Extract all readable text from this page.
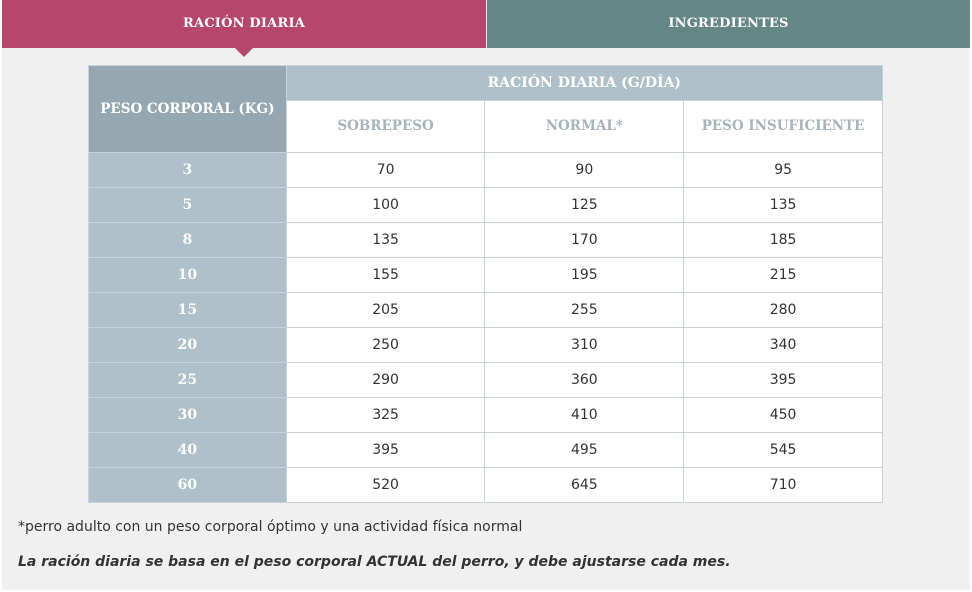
RACIÓN DIARIA	INGREDIENTES
PESO CORPORAL (KG)	RACIÓN DIARIA (G/DÍA)		
	SOBREPESO	NORMAL*	PESO INSUFICIENTE
3	70	90	95
5	100	125	135
8	135	170	185
10	155	195	215
15	205	255	280
20	250	310	340
25	290	360	395
30	325	410	450
40	395	495	545
60	520	645	710
*perro adulto con un peso corporal óptimo y una actividad física normal
La ración diaria se basa en el peso corporal ACTUAL del perro, y debe ajustarse cada mes.
